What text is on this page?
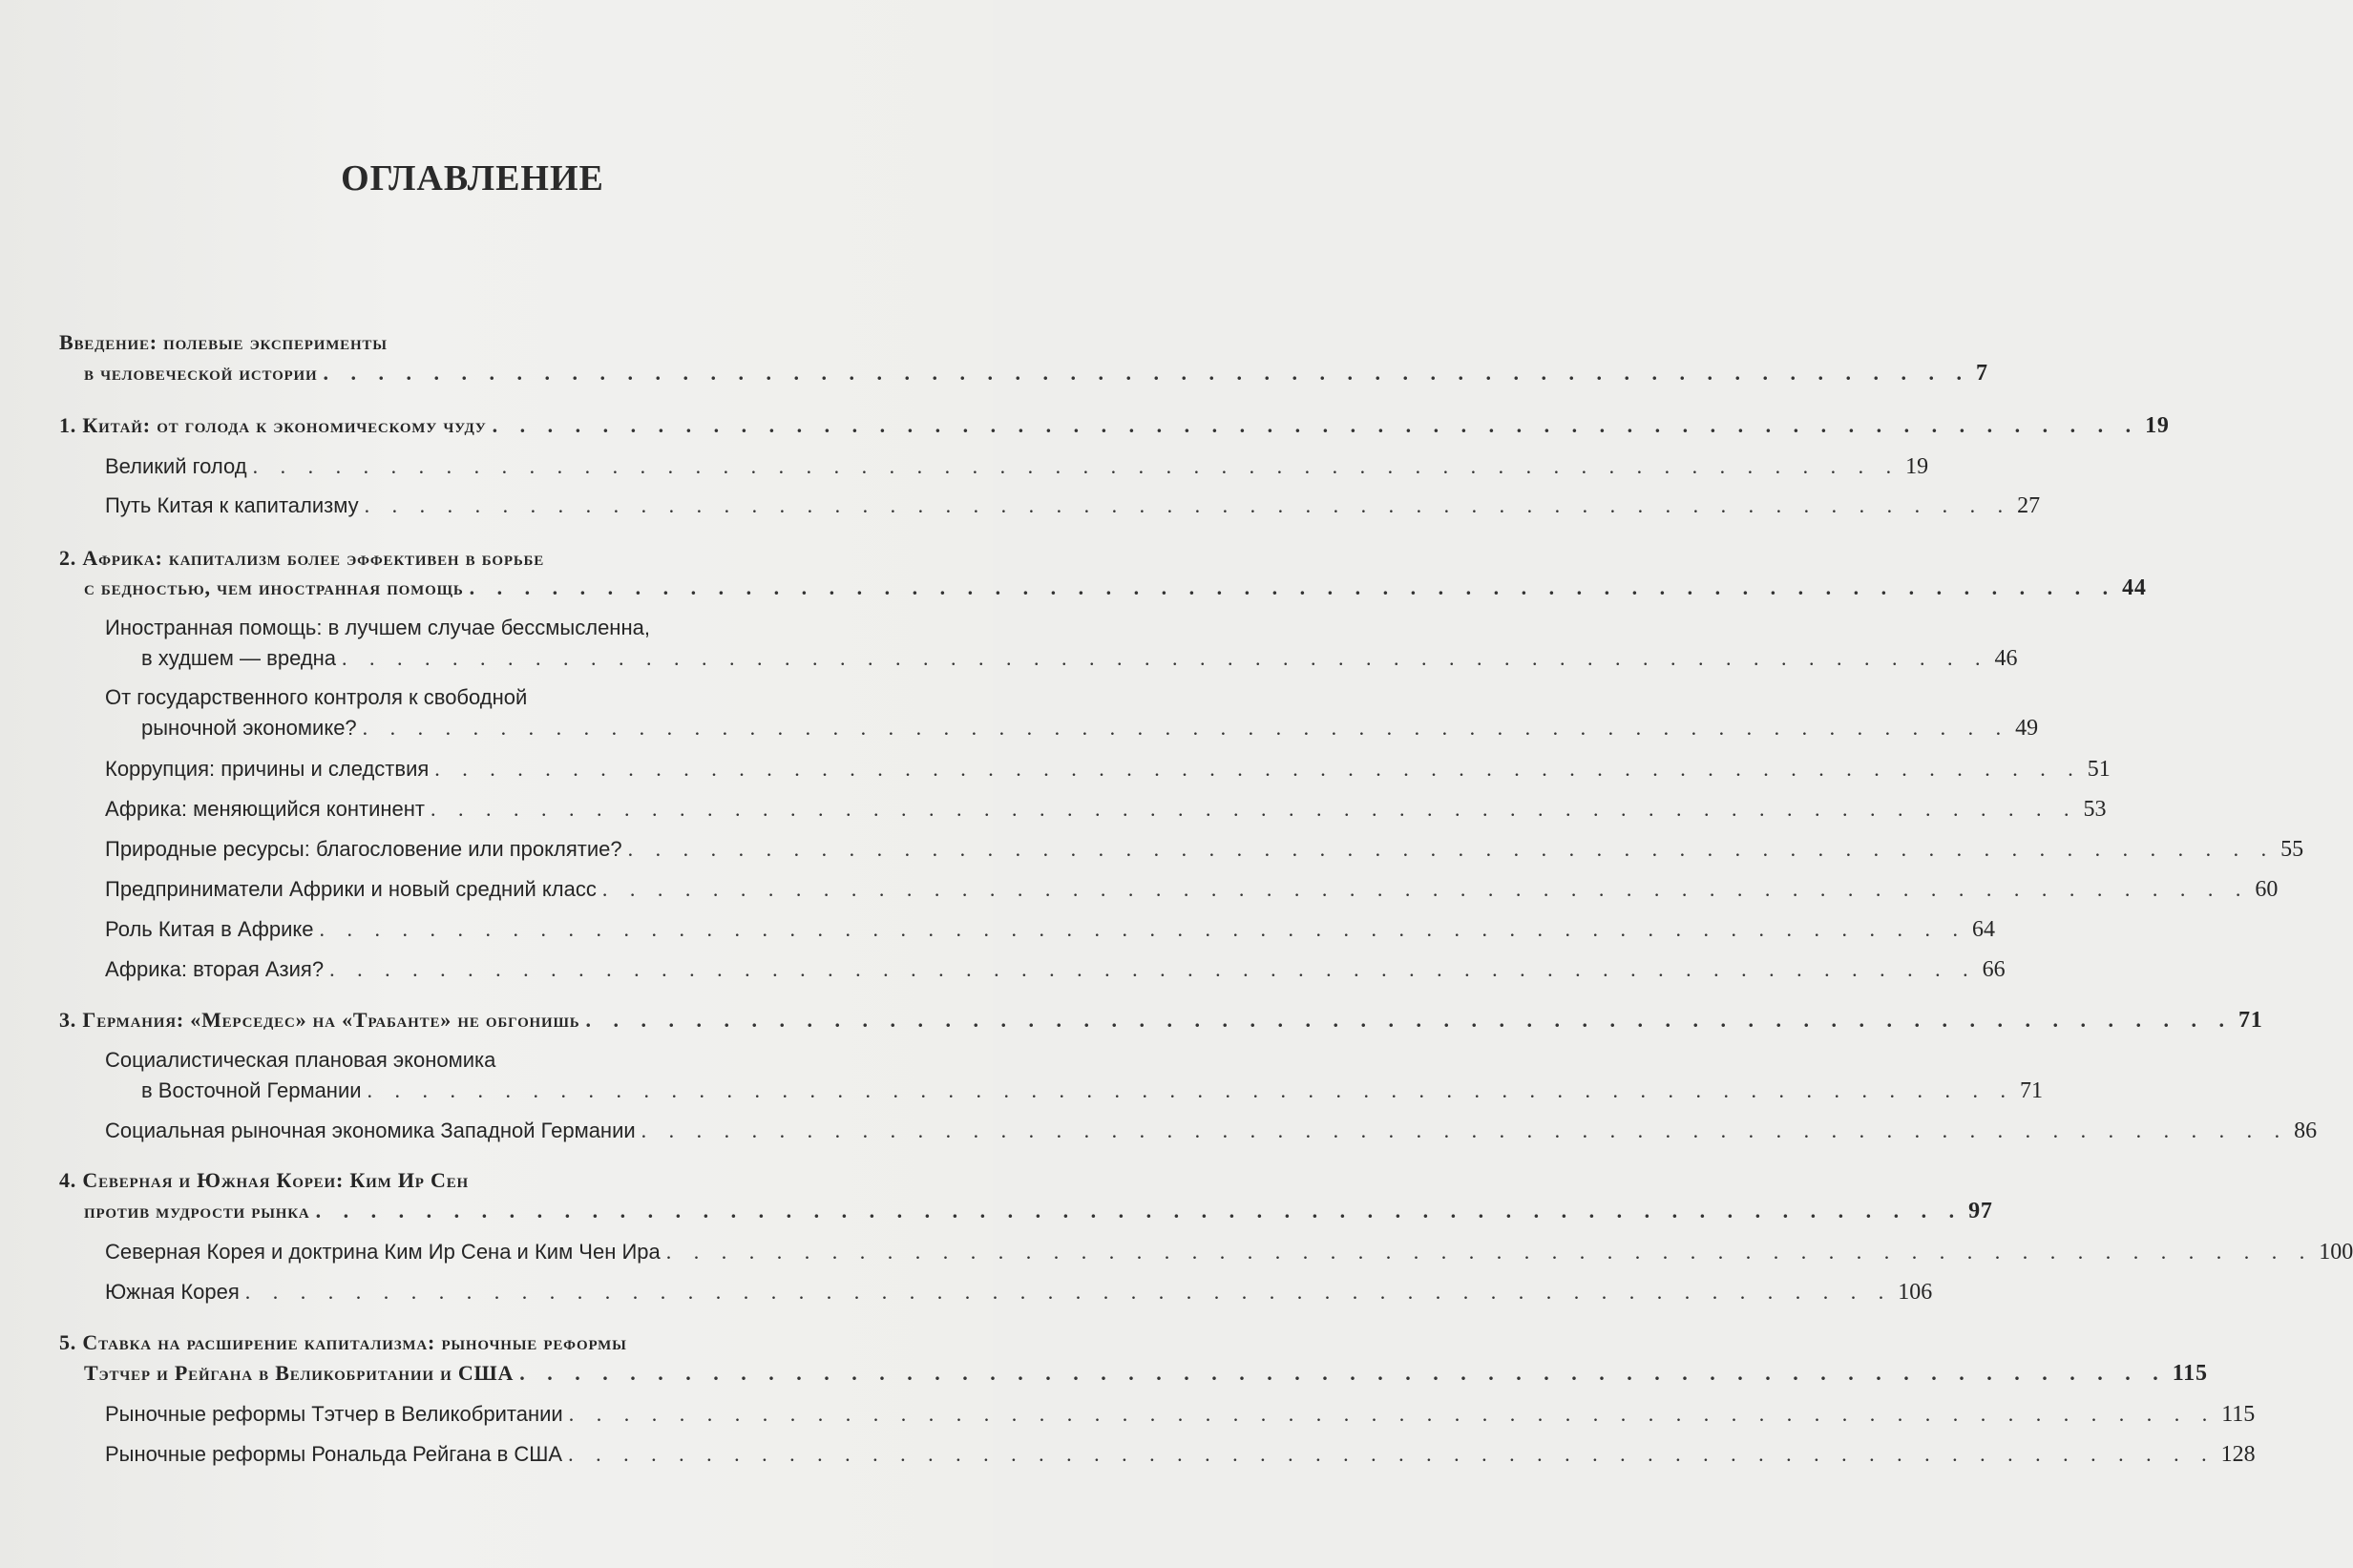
ОГЛАВЛЕНИЕ
Введение: полевые эксперименты
в человеческой истории . . . . . . . . . . . . . . . . . . . . . . . . . . . . . . . . . . . . . . . . . . . . . . . . . . . . . . . . . . . . 7
1. Китай: от голода к экономическому чуду . . . . . . . . . . . . . . . . . . . . . . . . . . . . . . . . . . . . . . . . . . . . . . . . . . . . . . . . . . . . 19
Великий голод . . . . . . . . . . . . . . . . . . . . . . . . . . . . . . . . . . . . . . . . . . . . . . . . . . . . . . . . . . . . 19
Путь Китая к капитализму . . . . . . . . . . . . . . . . . . . . . . . . . . . . . . . . . . . . . . . . . . . . . . . . . . . . . . . . . . . . 27
2. Африка: капитализм более эффективен в борьбе
с бедностью, чем иностранная помощь . . . . . . . . . . . . . . . . . . . . . . . . . . . . . . . . . . . . . . . . . . . . . . . . . . . . . . . . . . . . 44
Иностранная помощь: в лучшем случае бессмысленна,
в худшем — вредна . . . . . . . . . . . . . . . . . . . . . . . . . . . . . . . . . . . . . . . . . . . . . . . . . . . . . . . . . . . . 46
От государственного контроля к свободной
рыночной экономике? . . . . . . . . . . . . . . . . . . . . . . . . . . . . . . . . . . . . . . . . . . . . . . . . . . . . . . . . . . . . 49
Коррупция: причины и следствия . . . . . . . . . . . . . . . . . . . . . . . . . . . . . . . . . . . . . . . . . . . . . . . . . . . . . . . . . . . . 51
Африка: меняющийся континент . . . . . . . . . . . . . . . . . . . . . . . . . . . . . . . . . . . . . . . . . . . . . . . . . . . . . . . . . . . . 53
Природные ресурсы: благословение или проклятие? . . . . . . . . . . . . . . . . . . . . . . . . . . . . . . . . . . . . . . . . . . . . . . . . . . . . . . . . . . . . 55
Предприниматели Африки и новый средний класс . . . . . . . . . . . . . . . . . . . . . . . . . . . . . . . . . . . . . . . . . . . . . . . . . . . . . . . . . . . . 60
Роль Китая в Африке . . . . . . . . . . . . . . . . . . . . . . . . . . . . . . . . . . . . . . . . . . . . . . . . . . . . . . . . . . . . 64
Африка: вторая Азия? . . . . . . . . . . . . . . . . . . . . . . . . . . . . . . . . . . . . . . . . . . . . . . . . . . . . . . . . . . . . 66
3. Германия: «Мерседес» на «Трабанте» не обгонишь . . . . . . . . . . . . . . . . . . . . . . . . . . . . . . . . . . . . . . . . . . . . . . . . . . . . . . . . . . . . 71
Социалистическая плановая экономика
в Восточной Германии . . . . . . . . . . . . . . . . . . . . . . . . . . . . . . . . . . . . . . . . . . . . . . . . . . . . . . . . . . . . 71
Социальная рыночная экономика Западной Германии . . . . . . . . . . . . . . . . . . . . . . . . . . . . . . . . . . . . . . . . . . . . . . . . . . . . . . . . . . . . 86
4. Северная и Южная Кореи: Ким Ир Сен
против мудрости рынка . . . . . . . . . . . . . . . . . . . . . . . . . . . . . . . . . . . . . . . . . . . . . . . . . . . . . . . . . . . . 97
Северная Корея и доктрина Ким Ир Сена и Ким Чен Ира . . . . . . . . . . . . . . . . . . . . . . . . . . . . . . . . . . . . . . . . . . . . . . . . . . . . . . . . . . . . 100
Южная Корея . . . . . . . . . . . . . . . . . . . . . . . . . . . . . . . . . . . . . . . . . . . . . . . . . . . . . . . . . . . . 106
5. Ставка на расширение капитализма: рыночные реформы
Тэтчер и Рейгана в Великобритании и США . . . . . . . . . . . . . . . . . . . . . . . . . . . . . . . . . . . . . . . . . . . . . . . . . . . . . . . . . . . . 115
Рыночные реформы Тэтчер в Великобритании . . . . . . . . . . . . . . . . . . . . . . . . . . . . . . . . . . . . . . . . . . . . . . . . . . . . . . . . . . . . 115
Рыночные реформы Рональда Рейгана в США . . . . . . . . . . . . . . . . . . . . . . . . . . . . . . . . . . . . . . . . . . . . . . . . . . . . . . . . . . . . 128
